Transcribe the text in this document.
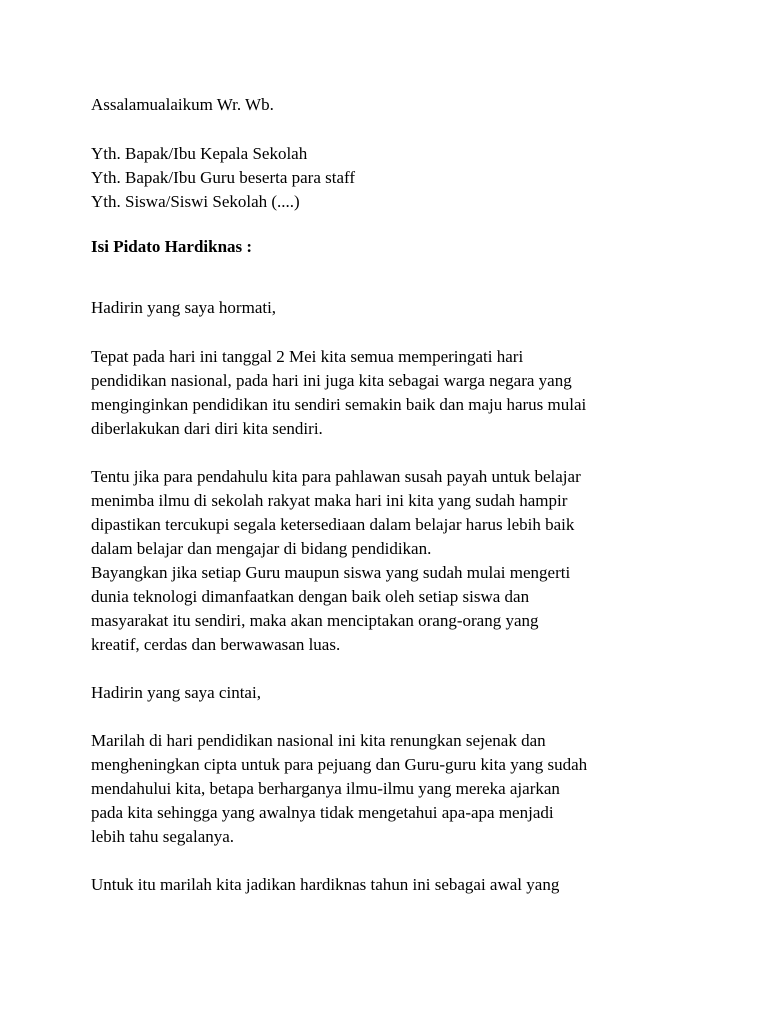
Assalamualaikum Wr. Wb.
Yth. Bapak/Ibu Kepala Sekolah
Yth. Bapak/Ibu Guru beserta para staff
Yth. Siswa/Siswi Sekolah (....)
Isi Pidato Hardiknas :
Hadirin yang saya hormati,
Tepat pada hari ini tanggal 2 Mei kita semua memperingati hari
pendidikan nasional, pada hari ini juga kita sebagai warga negara yang
menginginkan pendidikan itu sendiri semakin baik dan maju harus mulai
diberlakukan dari diri kita sendiri.
Tentu jika para pendahulu kita para pahlawan susah payah untuk belajar
menimba ilmu di sekolah rakyat maka hari ini kita yang sudah hampir
dipastikan tercukupi segala ketersediaan dalam belajar harus lebih baik
dalam belajar dan mengajar di bidang pendidikan.
Bayangkan jika setiap Guru maupun siswa yang sudah mulai mengerti
dunia teknologi dimanfaatkan dengan baik oleh setiap siswa dan
masyarakat itu sendiri, maka akan menciptakan orang-orang yang
kreatif, cerdas dan berwawasan luas.
Hadirin yang saya cintai,
Marilah di hari pendidikan nasional ini kita renungkan sejenak dan
mengheningkan cipta untuk para pejuang dan Guru-guru kita yang sudah
mendahului kita, betapa berharganya ilmu-ilmu yang mereka ajarkan
pada kita sehingga yang awalnya tidak mengetahui apa-apa menjadi
lebih tahu segalanya.
Untuk itu marilah kita jadikan hardiknas tahun ini sebagai awal yang
